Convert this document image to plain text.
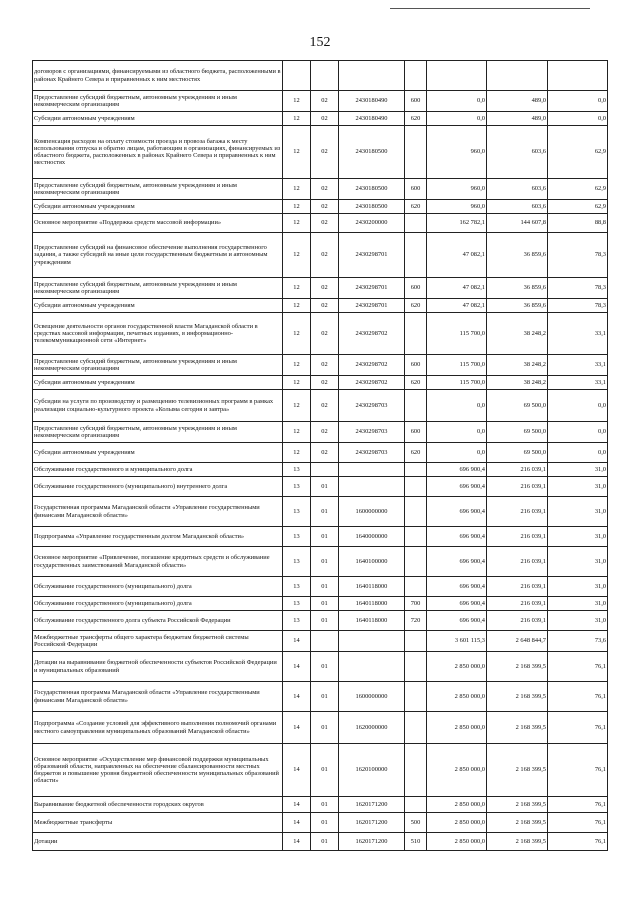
152
договоров с организациями, финансируемыми из областного бюджета, расположенными в районах Крайнего Севера и приравненных к ним местностях							
Предоставление субсидий бюджетным, автономным учреждениям и иным некоммерческим организациям	12	02	2430180490	600	0,0	489,0	0,0
Субсидии автономным учреждениям	12	02	2430180490	620	0,0	489,0	0,0
Компенсация расходов на оплату стоимости проезда и провоза багажа к месту использования отпуска и обратно лицам, работающим в организациях, финансируемых из областного бюджета, расположенных в районах Крайнего Севера и приравненных к ним местностях	12	02	2430180500		960,0	603,6	62,9
Предоставление субсидий бюджетным, автономным учреждениям и иным некоммерческим организациям	12	02	2430180500	600	960,0	603,6	62,9
Субсидии автономным учреждениям	12	02	2430180500	620	960,0	603,6	62,9
Основное мероприятие «Поддержка средств массовой информации»	12	02	2430200000		162 782,1	144 607,8	88,8
Предоставление субсидий на финансовое обеспечение выполнения государственного задания, а также субсидий на иные цели государственным бюджетным и автономным учреждениям	12	02	2430298701		47 082,1	36 859,6	78,3
Предоставление субсидий бюджетным, автономным учреждениям и иным некоммерческим организациям	12	02	2430298701	600	47 082,1	36 859,6	78,3
Субсидии автономным учреждениям	12	02	2430298701	620	47 082,1	36 859,6	78,3
Освещение деятельности органов государственной власти Магаданской области в средствах массовой информации, печатных изданиях, в информационно-телекоммуникационной сети «Интернет»	12	02	2430298702		115 700,0	38 248,2	33,1
Предоставление субсидий бюджетным, автономным учреждениям и иным некоммерческим организациям	12	02	2430298702	600	115 700,0	38 248,2	33,1
Субсидии автономным учреждениям	12	02	2430298702	620	115 700,0	38 248,2	33,1
Субсидии на услуги по производству и размещению телевизионных программ в рамках реализации социально-культурного проекта «Колыма сегодня и завтра»	12	02	2430298703		0,0	69 500,0	0,0
Предоставление субсидий бюджетным, автономным учреждениям и иным некоммерческим организациям	12	02	2430298703	600	0,0	69 500,0	0,0
Субсидии автономным учреждениям	12	02	2430298703	620	0,0	69 500,0	0,0
Обслуживание государственного и муниципального долга	13				696 900,4	216 039,1	31,0
Обслуживание государственного (муниципального) внутреннего долга	13	01			696 900,4	216 039,1	31,0
Государственная программа Магаданской области «Управление государственными финансами Магаданской области»	13	01	1600000000		696 900,4	216 039,1	31,0
Подпрограмма «Управление государственным долгом Магаданской области»	13	01	1640000000		696 900,4	216 039,1	31,0
Основное мероприятие «Привлечение, погашение кредитных средств и обслуживание государственных заимствований Магаданской области»	13	01	1640100000		696 900,4	216 039,1	31,0
Обслуживание государственного (муниципального) долга	13	01	1640118000		696 900,4	216 039,1	31,0
Обслуживание государственного (муниципального) долга	13	01	1640118000	700	696 900,4	216 039,1	31,0
Обслуживание государственного долга субъекта Российской Федерации	13	01	1640118000	720	696 900,4	216 039,1	31,0
Межбюджетные трансферты общего характера бюджетам бюджетной системы Российской Федерации	14				3 601 115,3	2 648 844,7	73,6
Дотации на выравнивание бюджетной обеспеченности субъектов Российской Федерации и муниципальных образований	14	01			2 850 000,0	2 168 399,5	76,1
Государственная программа Магаданской области «Управление государственными финансами Магаданской области»	14	01	1600000000		2 850 000,0	2 168 399,5	76,1
Подпрограмма «Создание условий для эффективного выполнения полномочий органами местного самоуправления муниципальных образований Магаданской области»	14	01	1620000000		2 850 000,0	2 168 399,5	76,1
Основное мероприятие «Осуществление мер финансовой поддержки муниципальных образований области, направленных на обеспечение сбалансированности местных бюджетов и повышение уровня бюджетной обеспеченности муниципальных образований области»	14	01	1620100000		2 850 000,0	2 168 399,5	76,1
Выравнивание бюджетной обеспеченности городских округов	14	01	1620171200		2 850 000,0	2 168 399,5	76,1
Межбюджетные трансферты	14	01	1620171200	500	2 850 000,0	2 168 399,5	76,1
Дотации	14	01	1620171200	510	2 850 000,0	2 168 399,5	76,1
